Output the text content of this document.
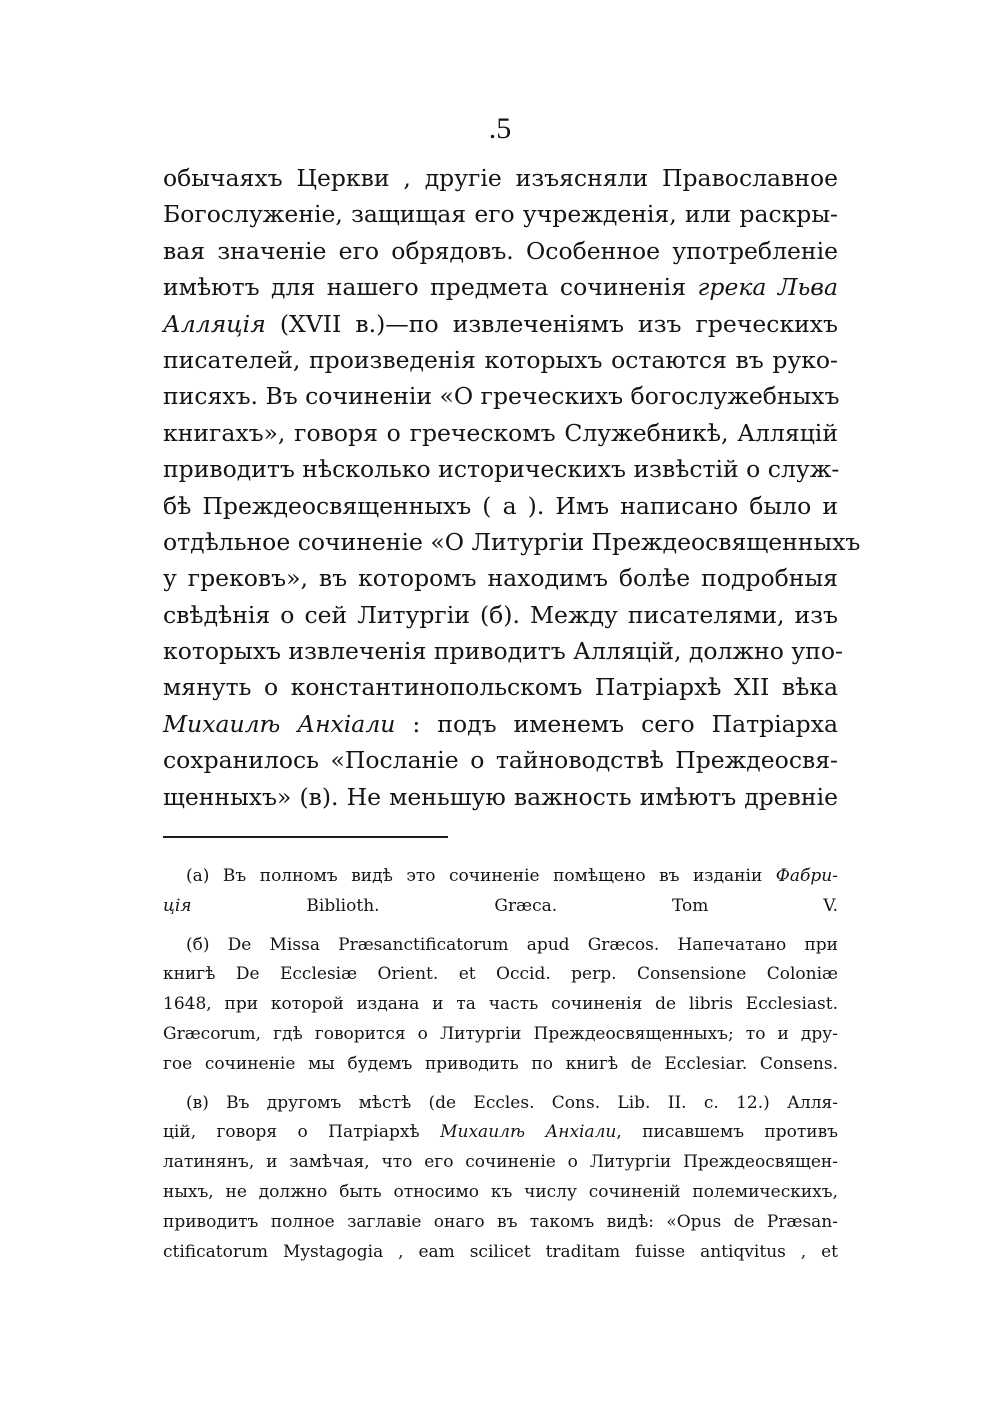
.5
обычаяхъ Церкви , другіе изъясняли Православное
Богослуженіе, защищая его учрежденія, или раскры-
вая значеніе его обрядовъ. Особенное употребленіе
имѣютъ для нашего предмета сочиненія грека Льва
Алляція (XVII в.)—по извлеченіямъ изъ греческихъ
писателей, произведенія которыхъ остаются въ руко-
писяхъ. Въ сочиненіи «О греческихъ богослужебныхъ
книгахъ», говоря о греческомъ Служебникѣ, Алляцій
приводитъ нѣсколько историческихъ извѣстій о служ-
бѣ Преждеосвященныхъ ( а ). Имъ написано было и
отдѣльное сочиненіе «О Литургіи Преждеосвященныхъ
у грековъ», въ которомъ находимъ болѣе подробныя
свѣдѣнія о сей Литургіи (б). Между писателями, изъ
которыхъ извлеченія приводитъ Алляцій, должно упо-
мянуть о константинопольскомъ Патріархѣ XII вѣка
Михаилѣ Анхіали : подъ именемъ сего Патріарха
сохранилось «Посланіе о тайноводствѣ Преждеосвя-
щенныхъ» (в). Не меньшую важность имѣютъ древніе
(а) Въ полномъ видѣ это сочиненіе помѣщено въ изданіи Фабри-
ція Biblioth. Græca. Tom V.
(б) De Missa Præsanctificatorum apud Græcos. Напечатано при
книгѣ De Ecclesiæ Orient. et Occid. perp. Consensione Coloniæ
1648, при которой издана и та часть сочиненія de libris Ecclesiast.
Græcorum, гдѣ говорится о Литургіи Преждеосвященныхъ; то и дру-
гое сочиненіе мы будемъ приводить по книгѣ de Ecclesiar. Consens.
(в) Въ другомъ мѣстѣ (de Eccles. Cons. Lib. II. c. 12.) Алля-
цій, говоря о Патріархѣ Михаилѣ Анхіали, писавшемъ противъ
латинянъ, и замѣчая, что его сочиненіе о Литургіи Преждеосвящен-
ныхъ, не должно быть относимо къ числу сочиненій полемическихъ,
приводитъ полное заглавіе онаго въ такомъ видѣ: «Opus de Præsan-
ctificatorum Mystagogia , eam scilicet traditam fuisse antiqvitus , et
